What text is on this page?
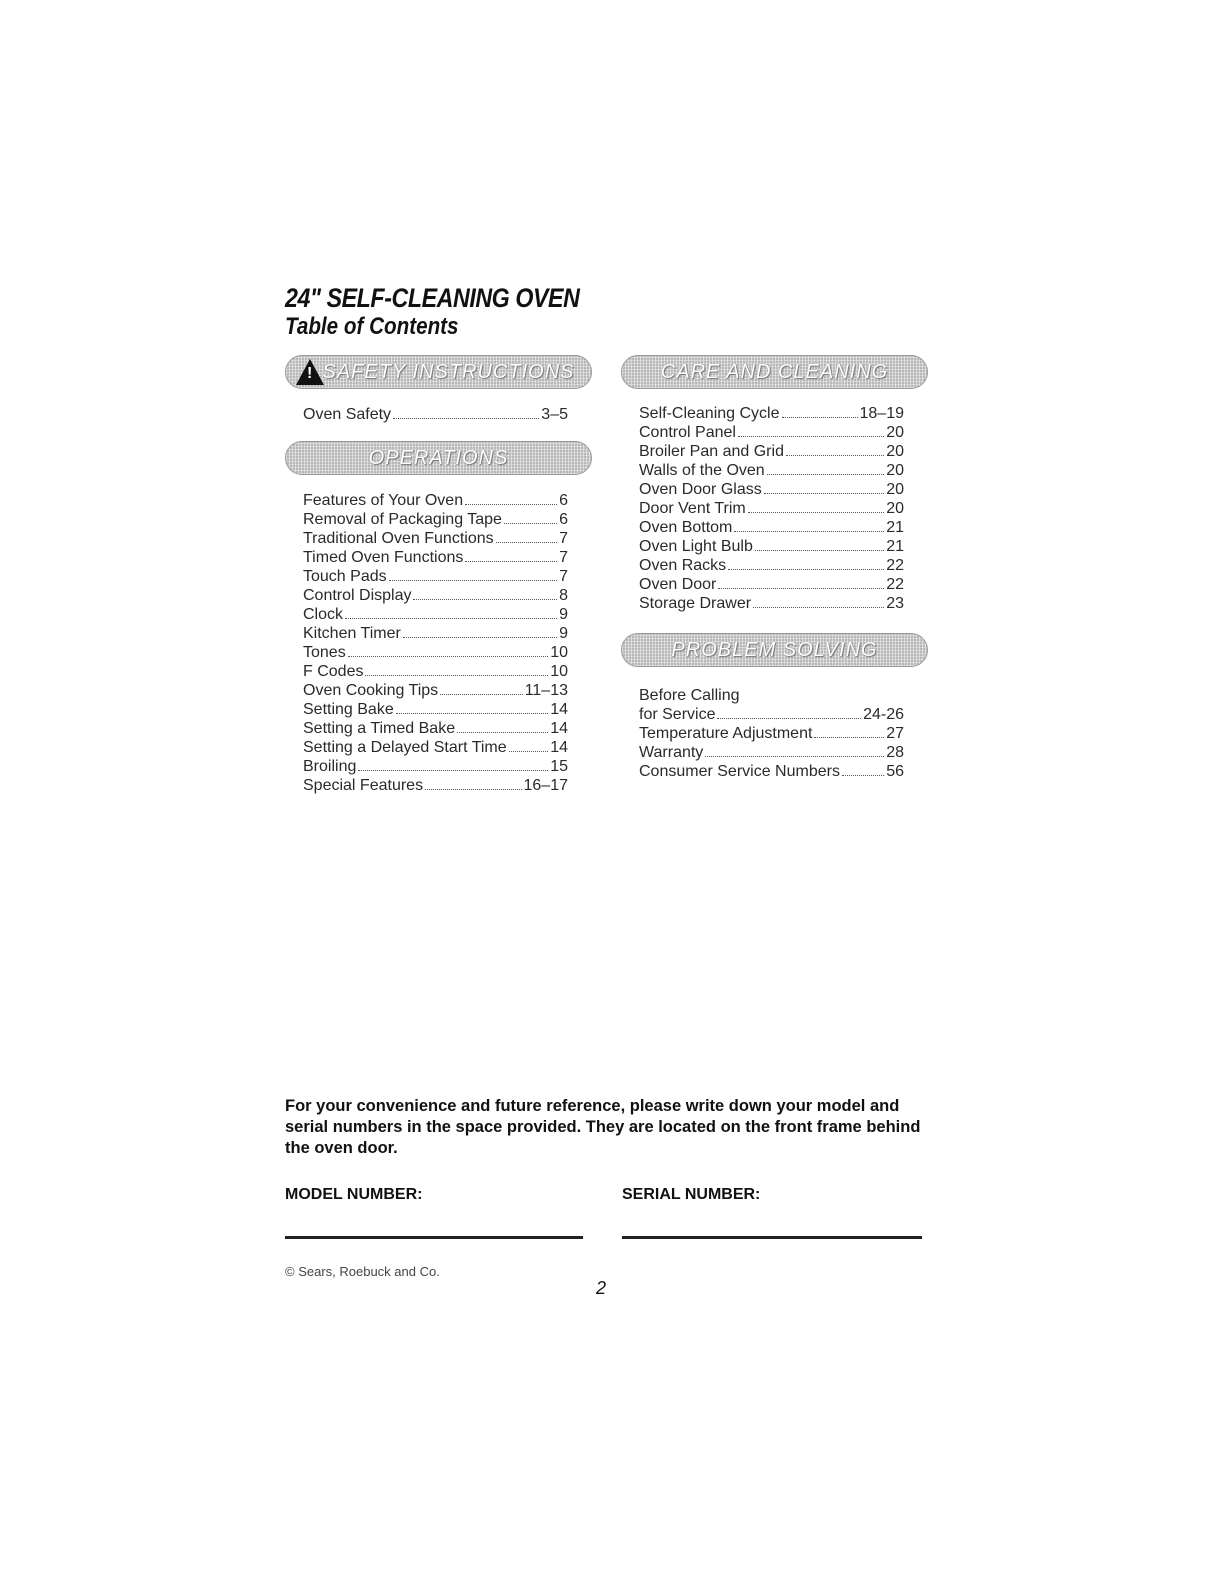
24" SELF-CLEANING OVEN
Table of Contents
! SAFETY INSTRUCTIONS
Oven Safety	3–5
OPERATIONS
Features of Your Oven	6
Removal of Packaging Tape	6
Traditional Oven Functions	7
Timed Oven Functions	7
Touch Pads	7
Control Display	8
Clock	9
Kitchen Timer	9
Tones	10
F Codes	10
Oven Cooking Tips	11–13
Setting Bake	14
Setting a Timed Bake	14
Setting a Delayed Start Time	14
Broiling	15
Special Features	16–17
CARE AND CLEANING
Self-Cleaning Cycle	18–19
Control Panel	20
Broiler Pan and Grid	20
Walls of the Oven	20
Oven Door Glass	20
Door Vent Trim	20
Oven Bottom	21
Oven Light Bulb	21
Oven Racks	22
Oven Door	22
Storage Drawer	23
PROBLEM SOLVING
Before Calling
for Service	24-26
Temperature Adjustment	27
Warranty	28
Consumer Service Numbers	56

For your convenience and future reference, please write down your model and serial numbers in the space provided. They are located on the front frame behind the oven door.

MODEL NUMBER:	SERIAL NUMBER:
© Sears, Roebuck and Co.
2
